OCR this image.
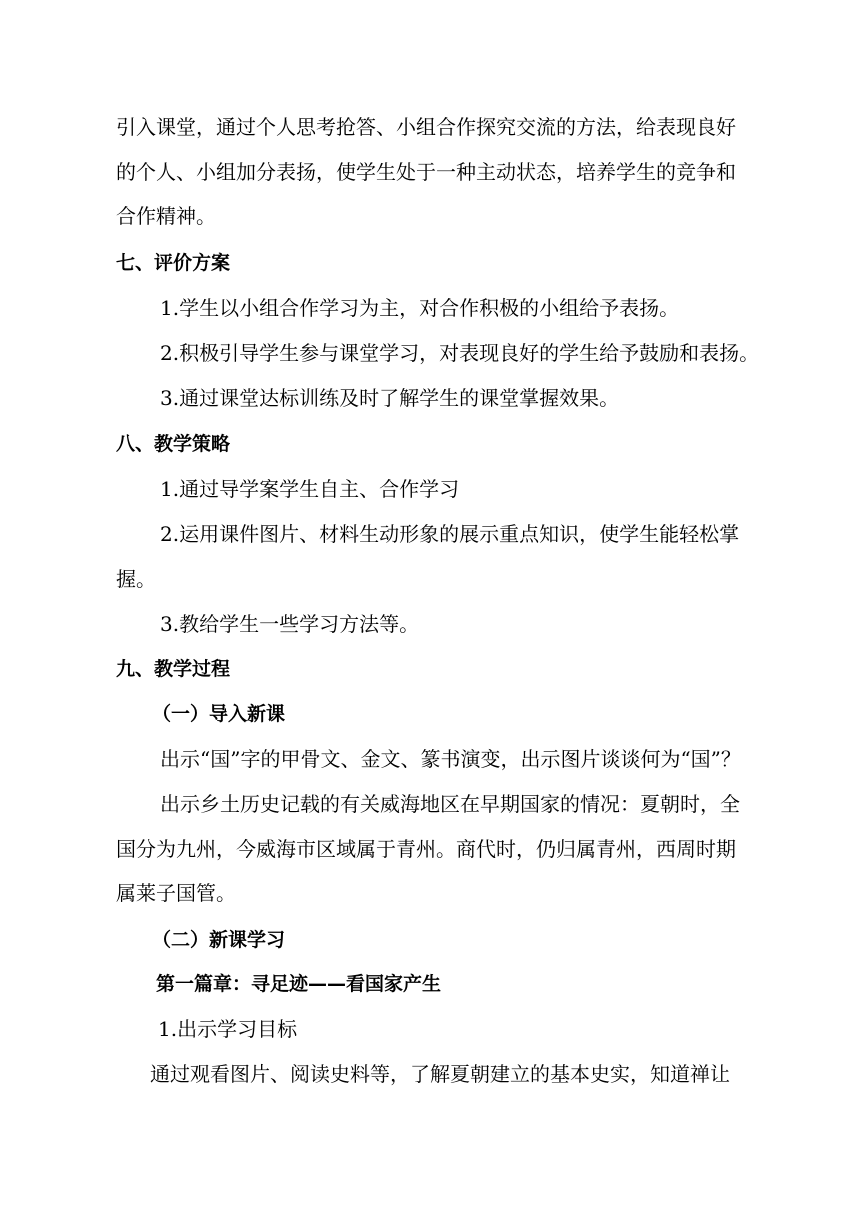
引入课堂，通过个人思考抢答、小组合作探究交流的方法，给表现良好
的个人、小组加分表扬，使学生处于一种主动状态，培养学生的竞争和
合作精神。
七、评价方案
1.学生以小组合作学习为主，对合作积极的小组给予表扬。
2.积极引导学生参与课堂学习，对表现良好的学生给予鼓励和表扬。
3.通过课堂达标训练及时了解学生的课堂掌握效果。
八、教学策略
1.通过导学案学生自主、合作学习
2.运用课件图片、材料生动形象的展示重点知识，使学生能轻松掌
握。
3.教给学生一些学习方法等。
九、教学过程
（一）导入新课
出示“国”字的甲骨文、金文、篆书演变，出示图片谈谈何为“国”？
出示乡土历史记载的有关威海地区在早期国家的情况：夏朝时，全
国分为九州，今威海市区域属于青州。商代时，仍归属青州，西周时期
属莱子国管。
（二）新课学习
第一篇章：寻足迹——看国家产生
1.出示学习目标
通过观看图片、阅读史料等，了解夏朝建立的基本史实，知道禅让
